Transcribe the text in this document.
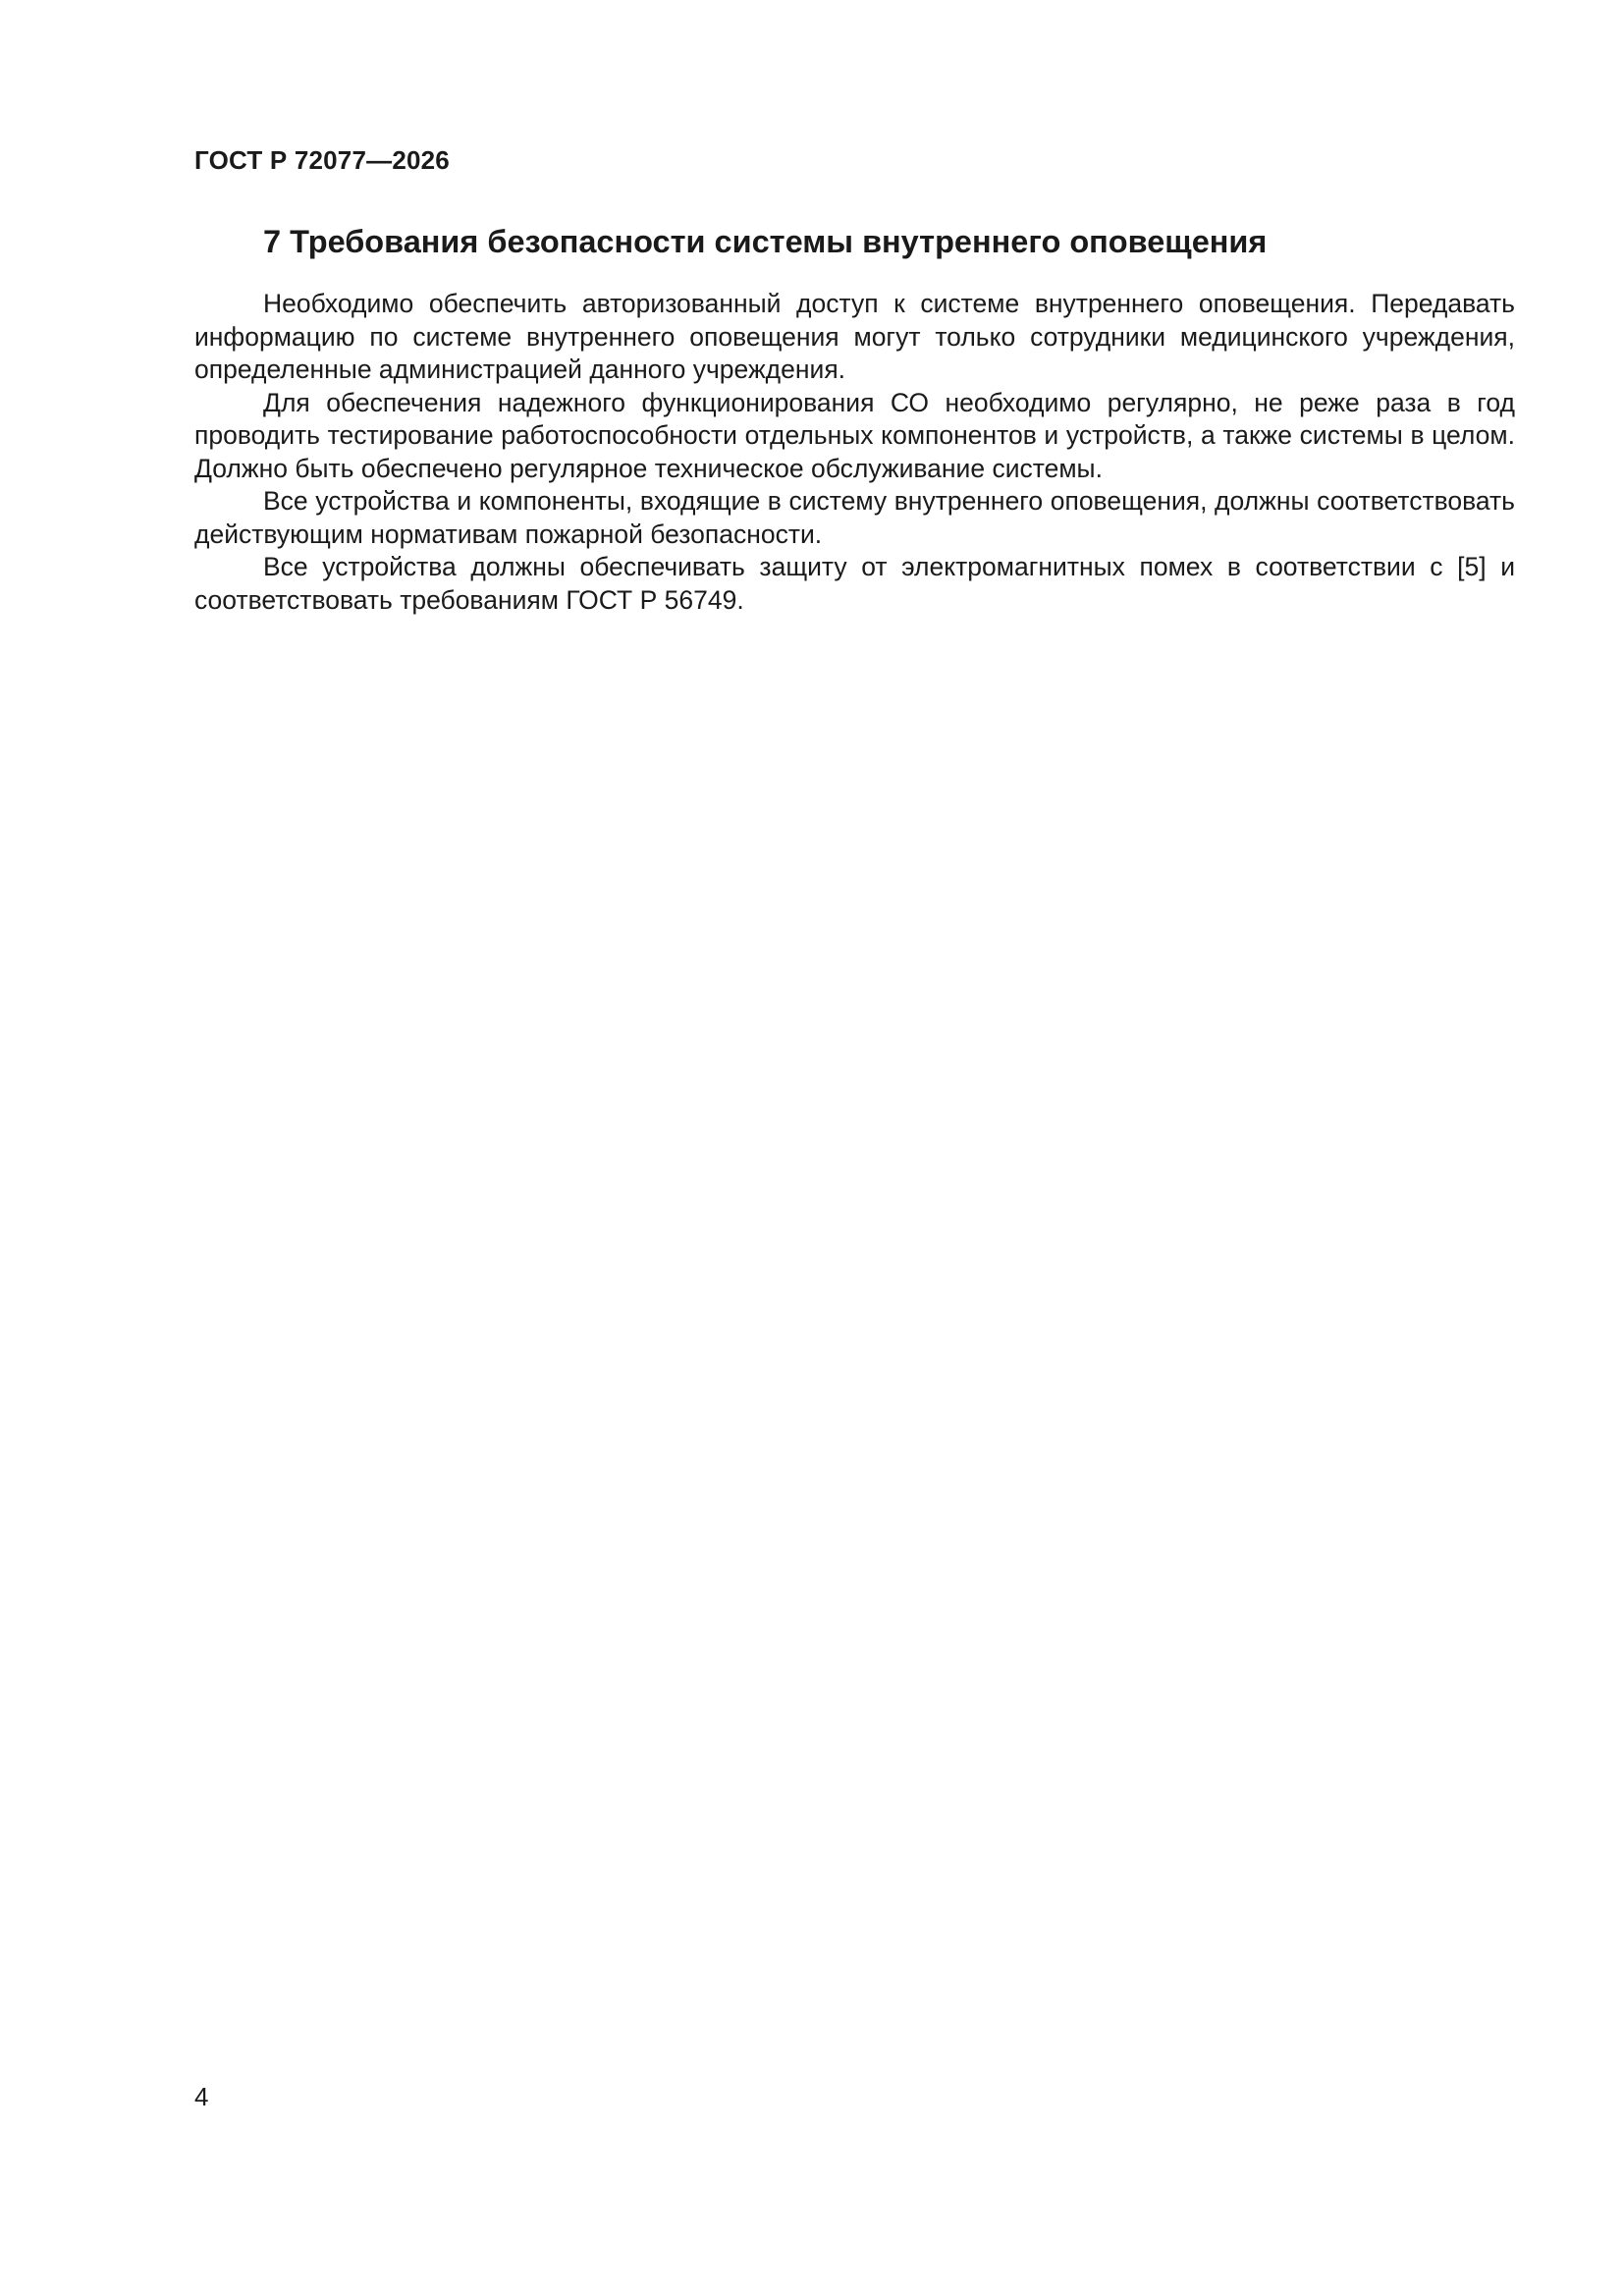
ГОСТ Р 72077—2026
7 Требования безопасности системы внутреннего оповещения

Необходимо обеспечить авторизованный доступ к системе внутреннего оповещения. Передавать информацию по системе внутреннего оповещения могут только сотрудники медицинского учреждения, определенные администрацией данного учреждения.

Для обеспечения надежного функционирования СО необходимо регулярно, не реже раза в год проводить тестирование работоспособности отдельных компонентов и устройств, а также системы в целом. Должно быть обеспечено регулярное техническое обслуживание системы.

Все устройства и компоненты, входящие в систему внутреннего оповещения, должны соответствовать действующим нормативам пожарной безопасности.

Все устройства должны обеспечивать защиту от электромагнитных помех в соответствии с [5] и соответствовать требованиям ГОСТ Р 56749.

4
